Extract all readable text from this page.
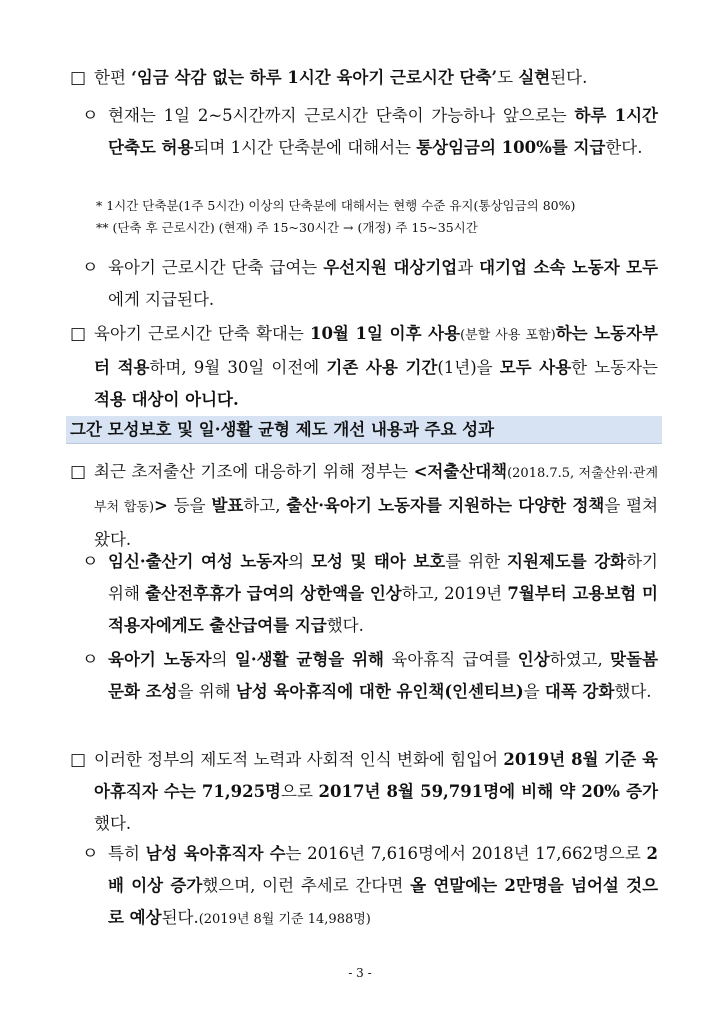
□ 한편 ‘임금 삭감 없는 하루 1시간 육아기 근로시간 단축’도 실현된다.

ㅇ 현재는 1일 2~5시간까지 근로시간 단축이 가능하나 앞으로는 하루 1시간 단축도 허용되며 1시간 단축분에 대해서는 통상임금의 100%를 지급한다.

* 1시간 단축분(1주 5시간) 이상의 단축분에 대해서는 현행 수준 유지(통상임금의 80%)

** (단축 후 근로시간) (현재) 주 15~30시간 → (개정) 주 15~35시간

ㅇ 육아기 근로시간 단축 급여는 우선지원 대상기업과 대기업 소속 노동자 모두에게 지급된다.

□ 육아기 근로시간 단축 확대는 10월 1일 이후 사용(분할 사용 포함)하는 노동자부터 적용하며, 9월 30일 이전에 기존 사용 기간(1년)을 모두 사용한 노동자는 적용 대상이 아니다.

그간 모성보호 및 일·생활 균형 제도 개선 내용과 주요 성과

□ 최근 초저출산 기조에 대응하기 위해 정부는 <저출산대책(2018.7.5, 저출산위·관계부처 합동)> 등을 발표하고, 출산·육아기 노동자를 지원하는 다양한 정책을 펼쳐왔다.

ㅇ 임신·출산기 여성 노동자의 모성 및 태아 보호를 위한 지원제도를 강화하기 위해 출산전후휴가 급여의 상한액을 인상하고, 2019년 7월부터 고용보험 미적용자에게도 출산급여를 지급했다.

ㅇ 육아기 노동자의 일·생활 균형을 위해 육아휴직 급여를 인상하였고, 맞돌봄 문화 조성을 위해 남성 육아휴직에 대한 유인책(인센티브)을 대폭 강화했다.

□ 이러한 정부의 제도적 노력과 사회적 인식 변화에 힘입어 2019년 8월 기준 육아휴직자 수는 71,925명으로 2017년 8월 59,791명에 비해 약 20% 증가했다.

ㅇ 특히 남성 육아휴직자 수는 2016년 7,616명에서 2018년 17,662명으로 2배 이상 증가했으며, 이런 추세로 간다면 올 연말에는 2만명을 넘어설 것으로 예상된다.(2019년 8월 기준 14,988명)

- 3 -
